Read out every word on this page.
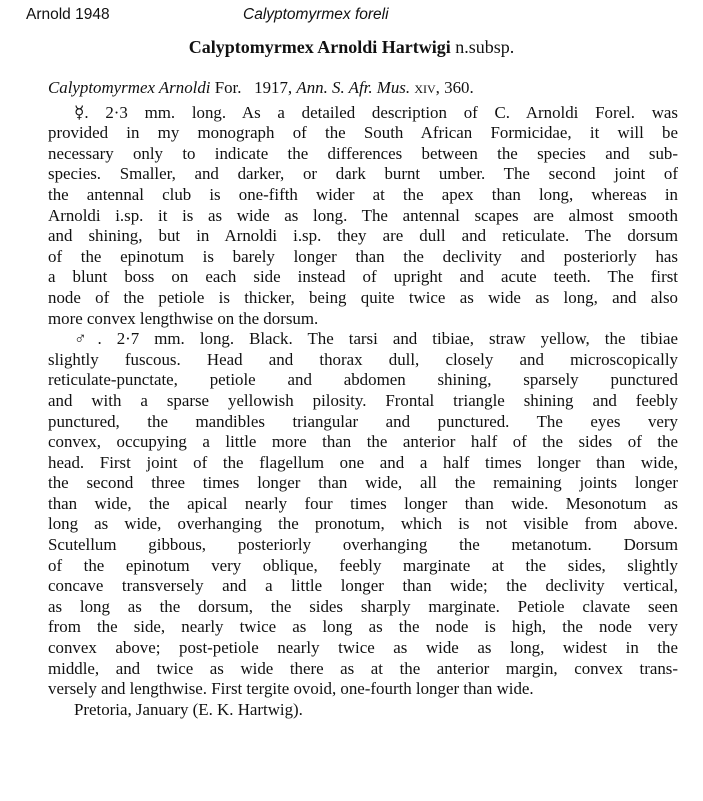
Arnold 1948	Calyptomyrmex foreli
Calyptomyrmex Arnoldi Hartwigi n.subsp.
Calyptomyrmex Arnoldi For.   1917, Ann. S. Afr. Mus. xiv, 360.
☿. 2·3 mm. long. As a detailed description of C. Arnoldi Forel. was
provided in my monograph of the South African Formicidae, it will be
necessary only to indicate the differences between the species and sub-
species. Smaller, and darker, or dark burnt umber. The second joint of
the antennal club is one-fifth wider at the apex than long, whereas in
Arnoldi i.sp. it is as wide as long. The antennal scapes are almost smooth
and shining, but in Arnoldi i.sp. they are dull and reticulate. The dorsum
of the epinotum is barely longer than the declivity and posteriorly has
a blunt boss on each side instead of upright and acute teeth. The first
node of the petiole is thicker, being quite twice as wide as long, and also
more convex lengthwise on the dorsum.
♂. 2·7 mm. long. Black. The tarsi and tibiae, straw yellow, the tibiae
slightly fuscous. Head and thorax dull, closely and microscopically
reticulate-punctate, petiole and abdomen shining, sparsely punctured
and with a sparse yellowish pilosity. Frontal triangle shining and feebly
punctured, the mandibles triangular and punctured. The eyes very
convex, occupying a little more than the anterior half of the sides of the
head. First joint of the flagellum one and a half times longer than wide,
the second three times longer than wide, all the remaining joints longer
than wide, the apical nearly four times longer than wide. Mesonotum as
long as wide, overhanging the pronotum, which is not visible from above.
Scutellum gibbous, posteriorly overhanging the metanotum. Dorsum
of the epinotum very oblique, feebly marginate at the sides, slightly
concave transversely and a little longer than wide; the declivity vertical,
as long as the dorsum, the sides sharply marginate. Petiole clavate seen
from the side, nearly twice as long as the node is high, the node very
convex above; post-petiole nearly twice as wide as long, widest in the
middle, and twice as wide there as at the anterior margin, convex trans-
versely and lengthwise. First tergite ovoid, one-fourth longer than wide.
Pretoria, January (E. K. Hartwig).
